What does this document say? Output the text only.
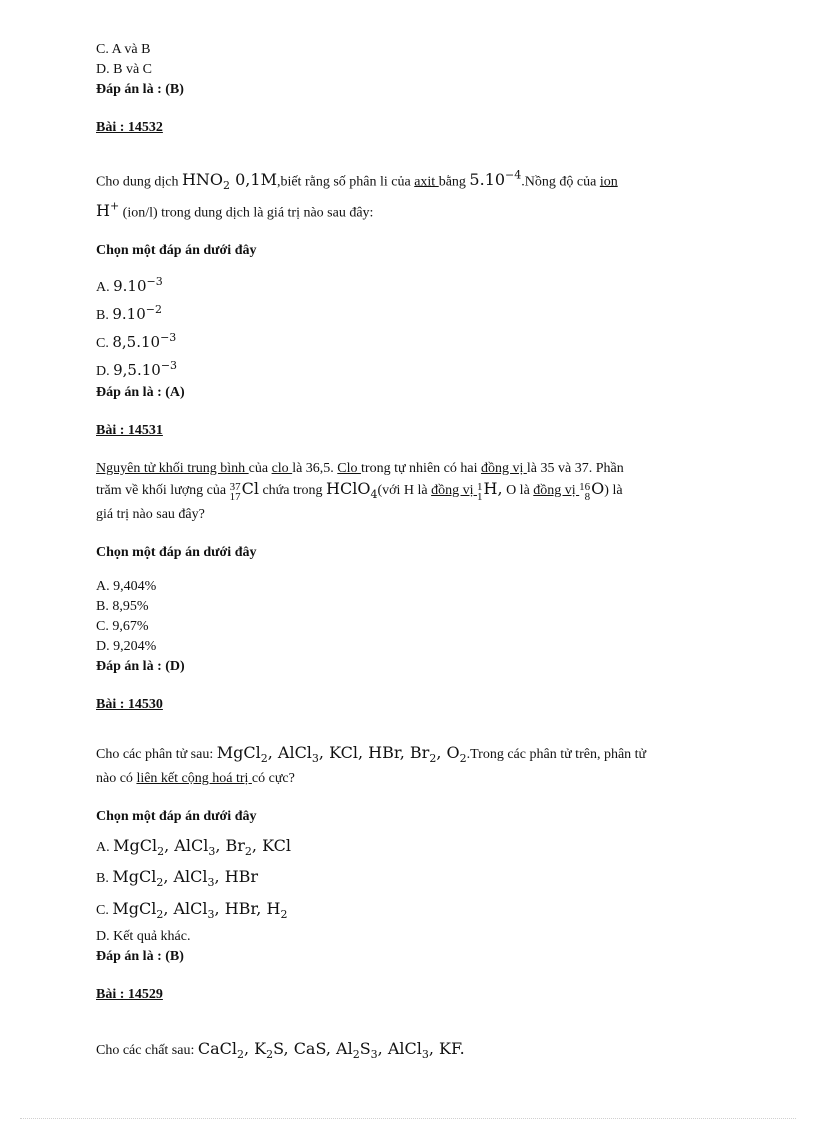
C. A và B

D. B và C

Đáp án là : (B)

Bài : 14532

Cho dung dịch $HNO_2$ 0,1M,biết rằng số phân li của axit bằng $5.10^{-4}.Nồng$ độ của ion
H+ (ion/l) trong dung dịch là giá trị nào sau đây:

Chọn một đáp án dưới đây

A. $9.10^{-3}$
B. $9.10^{-2}$
C. $8,5.10^{-3}$
D. $9,5.10^{-3}$

Đáp án là : (A)

Bài : 14531

Nguyên tử khối trung bình của clo là 36,5. Clo trong tự nhiên có hai đồng vị là 35 và 37. Phần
trăm về khối lượng của 37
17 Cl chứa trong HClO$_4$(với H là đồng vị 1
1 H, O là đồng vị 16
8 O) là
giá trị nào sau đây?

Chọn một đáp án dưới đây

A. 9,404%

B. 8,95%

C. 9,67%

D. 9,204%

Đáp án là : (D)

Bài : 14530

Cho các phân tử sau: MgCl$_2$, AlCl$_3$, KCl, HBr, $Br_2$, $O_2.Trong$ các phân tử trên, phân tử
nào có liên kết cộng hoá trị có cực?

Chọn một đáp án dưới đây

A. MgCl$_2$, AlCl$_3$, $Br_2$, KCl
B. MgCl$_2$, AlCl$_3$, HBr
C. MgCl$_2$, AlCl$_3$, HBr, $H_2$

D. Kết quả khác.

Đáp án là : (B)

Bài : 14529

Cho các chất sau: CaCl$_2$, $K_2S$, CaS, $Al_2S_3$, AlCl$_3$, KF.
